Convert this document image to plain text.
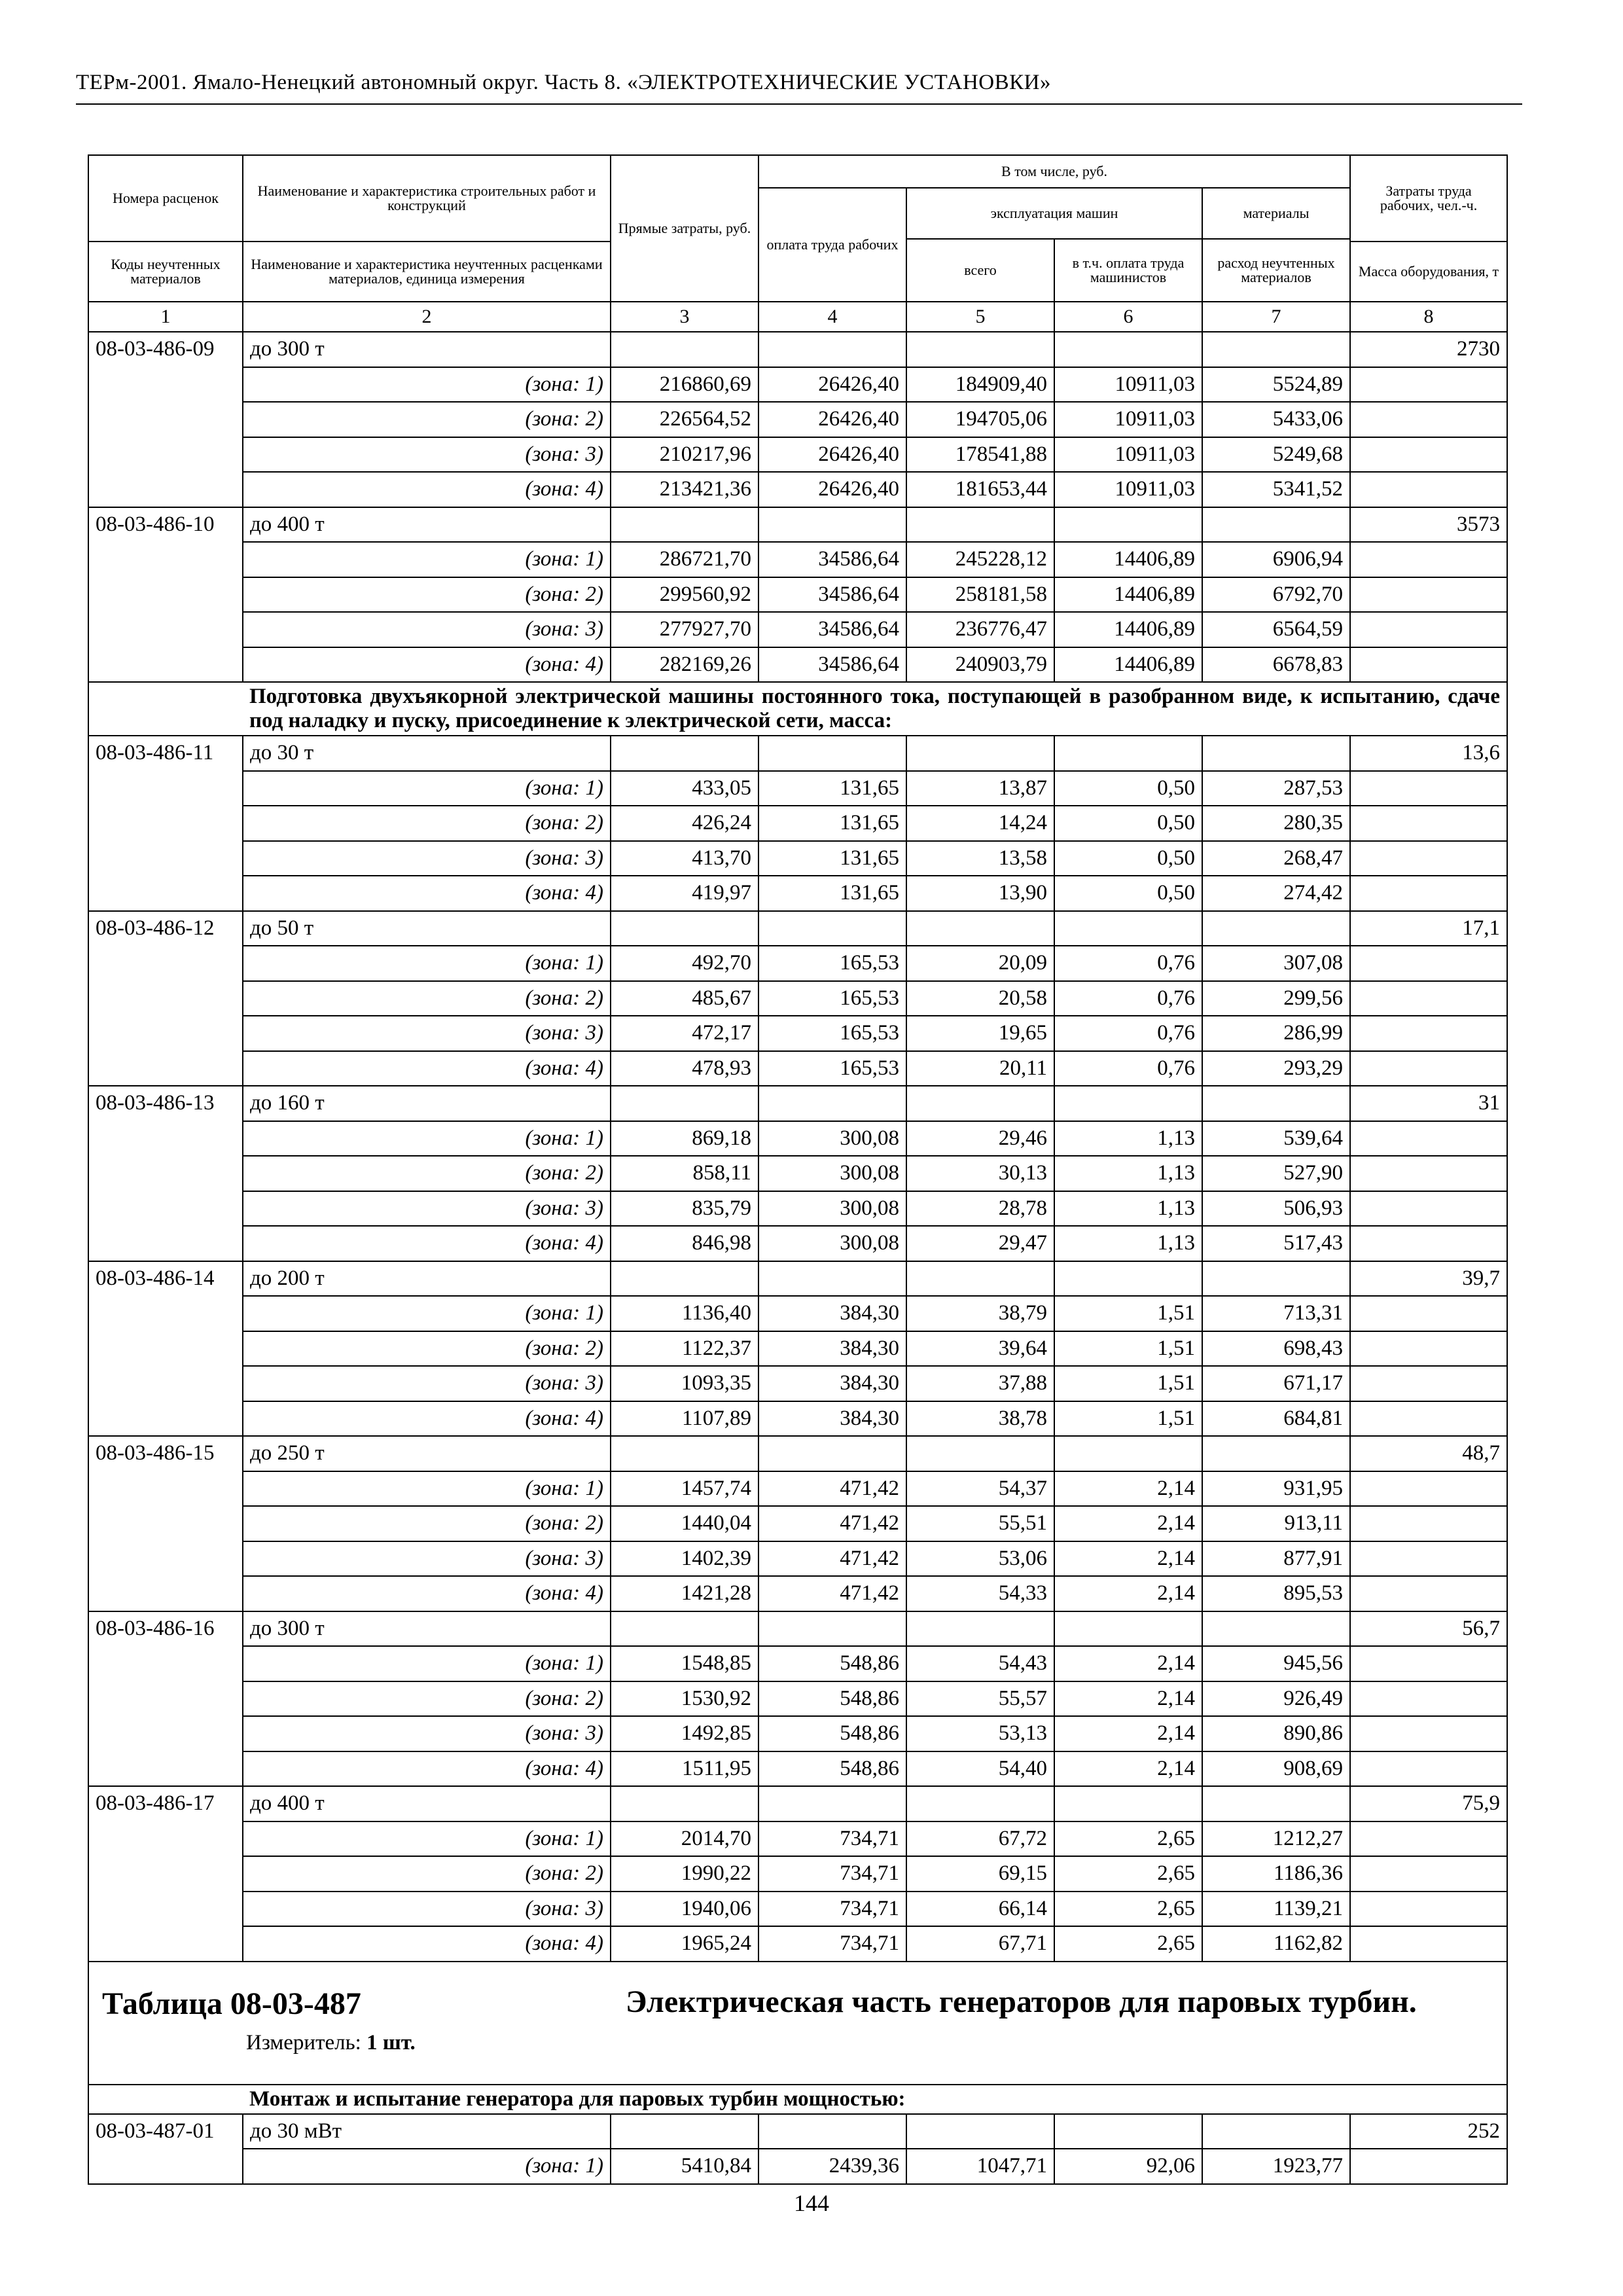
ТЕРм-2001. Ямало-Ненецкий автономный округ. Часть 8. «ЭЛЕКТРОТЕХНИЧЕСКИЕ УСТАНОВКИ»
Номера расценок	Наименование и характеристика строительных работ и конструкций	Прямые затраты, руб.	В том числе, руб.				Затраты труда рабочих, чел.-ч.
			оплата труда рабочих	эксплуатация машин		материалы	
				всего	в т.ч. оплата труда машинистов	расход неучтенных материалов	
Коды неучтенных материалов	Наименование и характеристика неучтенных расценками материалов, единица измерения						Масса оборудования, т
1	2	3	4	5	6	7	8
08-03-486-09	до 300 т						2730
	(зона: 1)	216860,69	26426,40	184909,40	10911,03	5524,89	
	(зона: 2)	226564,52	26426,40	194705,06	10911,03	5433,06	
	(зона: 3)	210217,96	26426,40	178541,88	10911,03	5249,68	
	(зона: 4)	213421,36	26426,40	181653,44	10911,03	5341,52	
08-03-486-10	до 400 т						3573
	(зона: 1)	286721,70	34586,64	245228,12	14406,89	6906,94	
	(зона: 2)	299560,92	34586,64	258181,58	14406,89	6792,70	
	(зона: 3)	277927,70	34586,64	236776,47	14406,89	6564,59	
	(зона: 4)	282169,26	34586,64	240903,79	14406,89	6678,83	
	Подготовка двухъякорной электрической машины постоянного тока, поступающей в разобранном виде, к испытанию, сдаче под наладку и пуску, присоединение к электрической сети, масса:						
08-03-486-11	до 30 т						13,6
	(зона: 1)	433,05	131,65	13,87	0,50	287,53	
	(зона: 2)	426,24	131,65	14,24	0,50	280,35	
	(зона: 3)	413,70	131,65	13,58	0,50	268,47	
	(зона: 4)	419,97	131,65	13,90	0,50	274,42	
08-03-486-12	до 50 т						17,1
	(зона: 1)	492,70	165,53	20,09	0,76	307,08	
	(зона: 2)	485,67	165,53	20,58	0,76	299,56	
	(зона: 3)	472,17	165,53	19,65	0,76	286,99	
	(зона: 4)	478,93	165,53	20,11	0,76	293,29	
08-03-486-13	до 160 т						31
	(зона: 1)	869,18	300,08	29,46	1,13	539,64	
	(зона: 2)	858,11	300,08	30,13	1,13	527,90	
	(зона: 3)	835,79	300,08	28,78	1,13	506,93	
	(зона: 4)	846,98	300,08	29,47	1,13	517,43	
08-03-486-14	до 200 т						39,7
	(зона: 1)	1136,40	384,30	38,79	1,51	713,31	
	(зона: 2)	1122,37	384,30	39,64	1,51	698,43	
	(зона: 3)	1093,35	384,30	37,88	1,51	671,17	
	(зона: 4)	1107,89	384,30	38,78	1,51	684,81	
08-03-486-15	до 250 т						48,7
	(зона: 1)	1457,74	471,42	54,37	2,14	931,95	
	(зона: 2)	1440,04	471,42	55,51	2,14	913,11	
	(зона: 3)	1402,39	471,42	53,06	2,14	877,91	
	(зона: 4)	1421,28	471,42	54,33	2,14	895,53	
08-03-486-16	до 300 т						56,7
	(зона: 1)	1548,85	548,86	54,43	2,14	945,56	
	(зона: 2)	1530,92	548,86	55,57	2,14	926,49	
	(зона: 3)	1492,85	548,86	53,13	2,14	890,86	
	(зона: 4)	1511,95	548,86	54,40	2,14	908,69	
08-03-486-17	до 400 т						75,9
	(зона: 1)	2014,70	734,71	67,72	2,65	1212,27	
	(зона: 2)	1990,22	734,71	69,15	2,65	1186,36	
	(зона: 3)	1940,06	734,71	66,14	2,65	1139,21	
	(зона: 4)	1965,24	734,71	67,71	2,65	1162,82	

Таблица 08-03-487 Электрическая часть генераторов для паровых турбин.
Измеритель: 1 шт.							

	Монтаж и испытание генератора для паровых турбин мощностью:						
08-03-487-01	до 30 мВт						252
	(зона: 1)	5410,84	2439,36	1047,71	92,06	1923,77	
144
